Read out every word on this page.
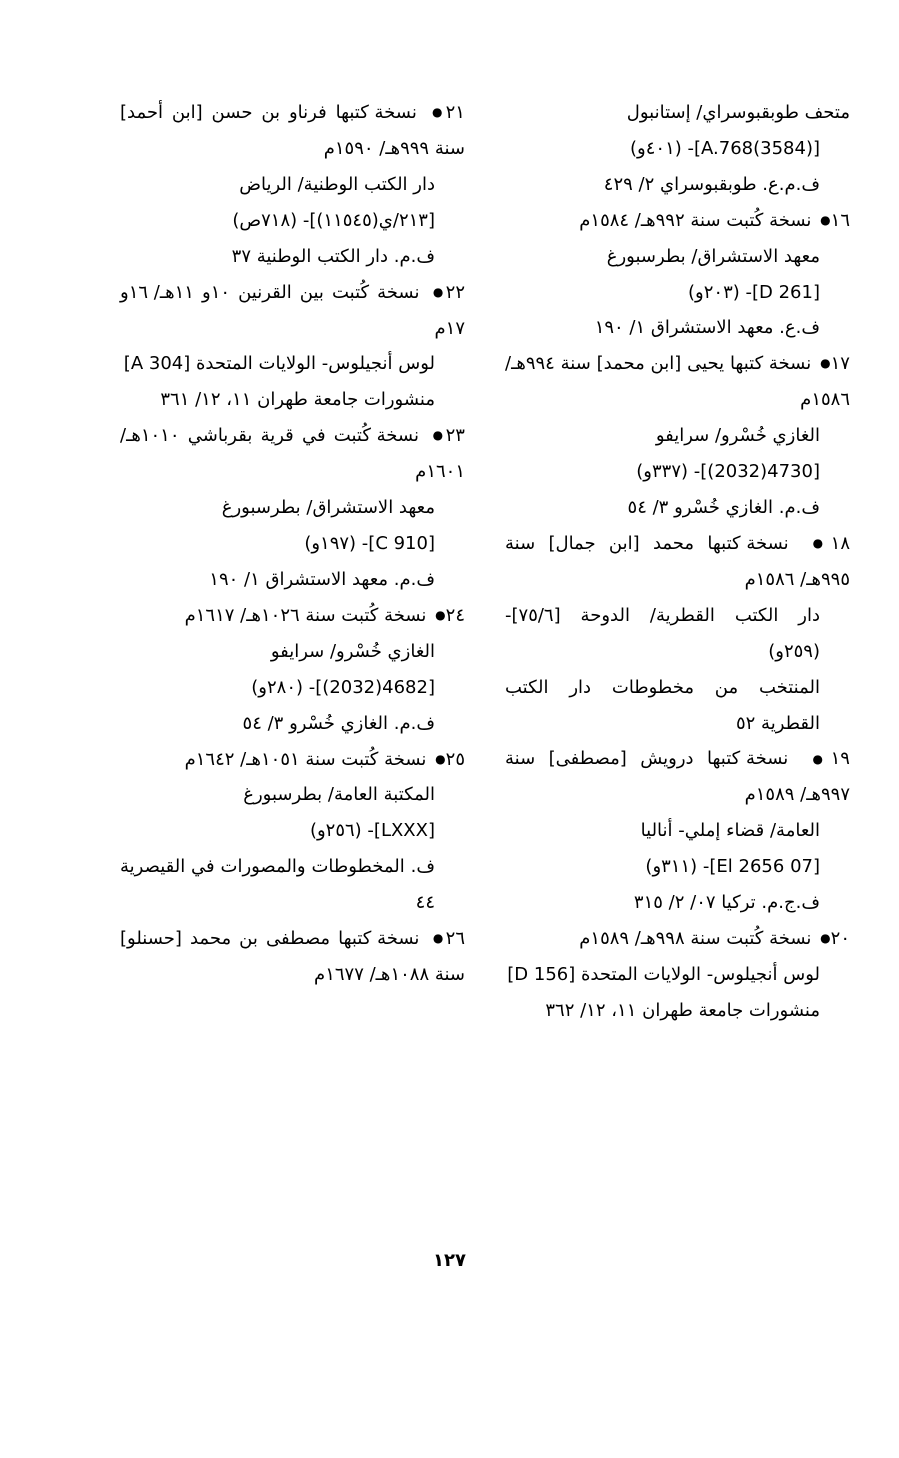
متحف طوبقبوسراي/ إستانبول
[A.768(3584)]- (٤٠١و)
ف.م.ع. طوبقبوسراي ٢/ ٤٢٩
١٦● نسخة كُتبت سنة ٩٩٢هـ/ ١٥٨٤م
معهد الاستشراق/ بطرسبورغ
[D 261]- (٢٠٣و)
ف.ع. معهد الاستشراق ١/ ١٩٠
١٧● نسخة كتبها يحيى [ابن محمد] سنة ٩٩٤هـ/ ١٥٨٦م
الغازي خُسْرو/ سرايفو
[4730(2032)]- (٣٣٧و)
ف.م. الغازي خُسْرو ٣/ ٥٤
١٨● نسخة كتبها محمد [ابن جمال] سنة ٩٩٥هـ/ ١٥٨٦م
دار الكتب القطرية/ الدوحة [٧٥/٦]- (٢٥٩و)
المنتخب من مخطوطات دار الكتب القطرية ٥٢
١٩● نسخة كتبها درويش [مصطفى] سنة ٩٩٧هـ/ ١٥٨٩م
العامة/ قضاء إملي- أناليا
[07 El 2656]- (٣١١و)
ف.ج.م. تركيا ٠٧/ ٢/ ٣١٥
٢٠● نسخة كُتبت سنة ٩٩٨هـ/ ١٥٨٩م
لوس أنجيلوس- الولايات المتحدة [D 156]
منشورات جامعة طهران ١١، ١٢/ ٣٦٢
٢١● نسخة كتبها فرناو بن حسن [ابن أحمد] سنة ٩٩٩هـ/ ١٥٩٠م
دار الكتب الوطنية/ الرياض
[٢١٣/ي(١١٥٤٥)]- (٧١٨ص)
ف.م. دار الكتب الوطنية ٣٧
٢٢● نسخة كُتبت بين القرنين ١٠و ١١هـ/ ١٦و ١٧م
لوس أنجيلوس- الولايات المتحدة [A 304]
منشورات جامعة طهران ١١، ١٢/ ٣٦١
٢٣● نسخة كُتبت في قرية بقرباشي ١٠١٠هـ/ ١٦٠١م
معهد الاستشراق/ بطرسبورغ
[C 910]- (١٩٧و)
ف.م. معهد الاستشراق ١/ ١٩٠
٢٤● نسخة كُتبت سنة ١٠٢٦هـ/ ١٦١٧م
الغازي خُسْرو/ سرايفو
[4682(2032)]- (٢٨٠و)
ف.م. الغازي خُسْرو ٣/ ٥٤
٢٥● نسخة كُتبت سنة ١٠٥١هـ/ ١٦٤٢م
المكتبة العامة/ بطرسبورغ
[LXXX]- (٢٥٦و)
ف. المخطوطات والمصورات في القيصرية ٤٤
٢٦● نسخة كتبها مصطفى بن محمد [حسنلو] سنة ١٠٨٨هـ/ ١٦٧٧م
١٢٧
